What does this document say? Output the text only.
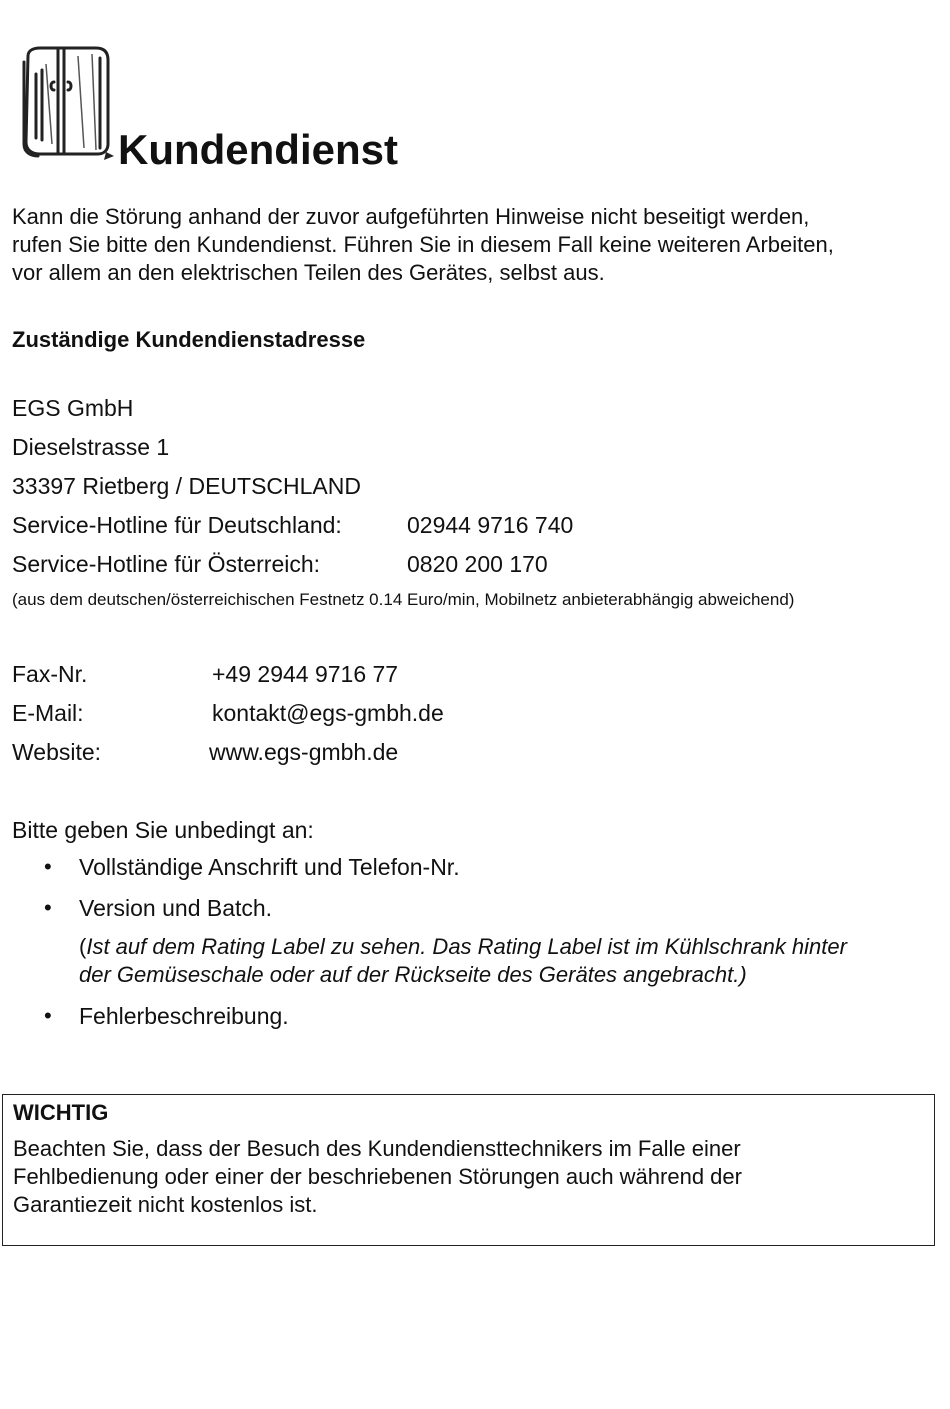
Kundendienst
Kann die Störung anhand der zuvor aufgeführten Hinweise nicht beseitigt werden,
rufen Sie bitte den Kundendienst. Führen Sie in diesem Fall keine weiteren Arbeiten,
vor allem an den elektrischen Teilen des Gerätes, selbst aus.
Zuständige Kundendienstadresse
EGS GmbH
Dieselstrasse 1
33397 Rietberg / DEUTSCHLAND
Service-Hotline für Deutschland:	02944 9716 740
Service-Hotline für Österreich:	0820 200 170
(aus dem deutschen/österreichischen Festnetz 0.14 Euro/min, Mobilnetz anbieterabhängig abweichend)
Fax-Nr.	+49 2944 9716 77
E-Mail:	kontakt@egs-gmbh.de
Website:	www.egs-gmbh.de
Bitte geben Sie unbedingt an:
• Vollständige Anschrift und Telefon-Nr.
• Version und Batch.
(Ist auf dem Rating Label zu sehen. Das Rating Label ist im Kühlschrank hinter
der Gemüseschale oder auf der Rückseite des Gerätes angebracht.)
• Fehlerbeschreibung.
WICHTIG
Beachten Sie, dass der Besuch des Kundendiensttechnikers im Falle einer
Fehlbedienung oder einer der beschriebenen Störungen auch während der
Garantiezeit nicht kostenlos ist.
